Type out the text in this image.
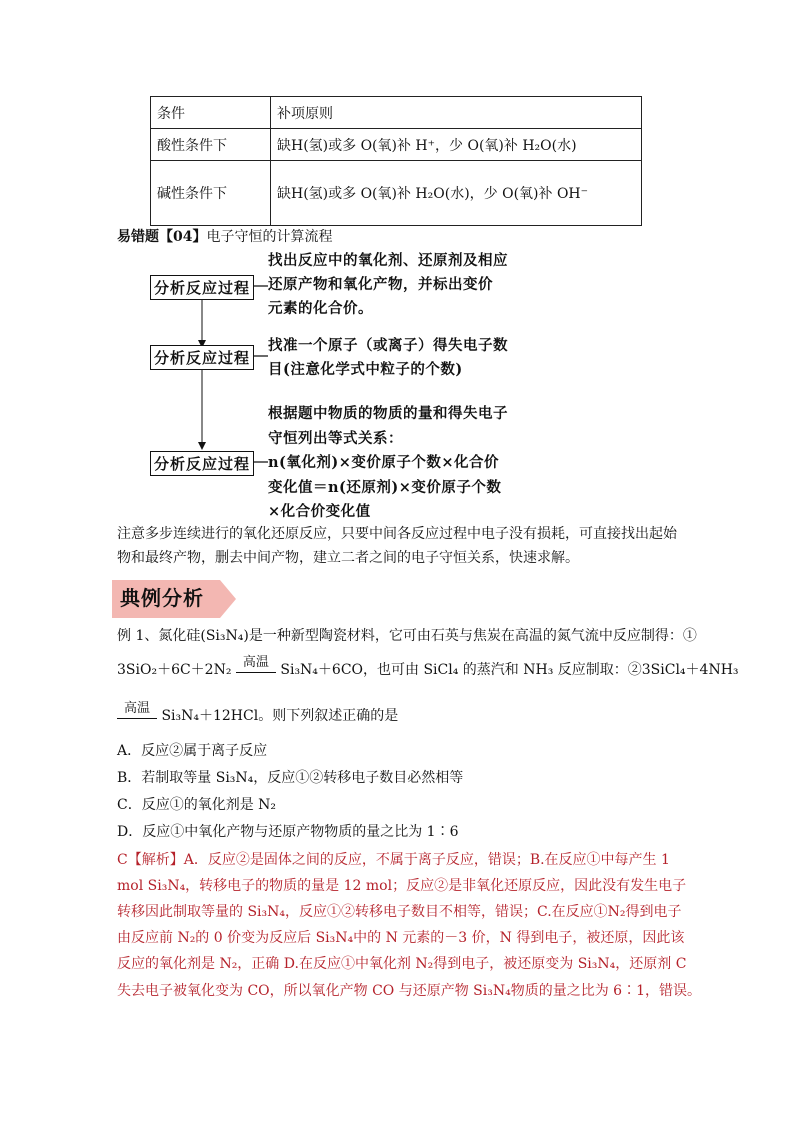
条件	补项原则
酸性条件下	缺H(氢)或多 O(氧)补 H⁺，少 O(氧)补 H₂O(水)
碱性条件下	缺H(氢)或多 O(氧)补 H₂O(水)，少 O(氧)补 OH⁻
易错题【04】电子守恒的计算流程
分析反应过程
找出反应中的氧化剂、还原剂及相应
还原产物和氧化产物，并标出变价
元素的化合价。
分析反应过程
找准一个原子（或离子）得失电子数
目(注意化学式中粒子的个数)
分析反应过程
根据题中物质的物质的量和得失电子
守恒列出等式关系：
n(氧化剂)×变价原子个数×化合价
变化值＝n(还原剂)×变价原子个数
×化合价变化值
注意多步连续进行的氧化还原反应，只要中间各反应过程中电子没有损耗，可直接找出起始
物和最终产物，删去中间产物，建立二者之间的电子守恒关系，快速求解。
典例分析
例 1、氮化硅(Si₃N₄)是一种新型陶瓷材料，它可由石英与焦炭在高温的氮气流中反应制得：①
3SiO₂＋6C＋2N₂ 高温 Si₃N₄＋6CO，也可由 SiCl₄ 的蒸汽和 NH₃ 反应制取：②3SiCl₄＋4NH₃
高温 Si₃N₄＋12HCl。则下列叙述正确的是
A．反应②属于离子反应
B．若制取等量 Si₃N₄，反应①②转移电子数目必然相等
C．反应①的氧化剂是 N₂
D．反应①中氧化产物与还原产物物质的量之比为 1∶6
C【解析】A．反应②是固体之间的反应，不属于离子反应，错误；B.在反应①中每产生 1
mol Si₃N₄，转移电子的物质的量是 12 mol；反应②是非氧化还原反应，因此没有发生电子
转移因此制取等量的 Si₃N₄，反应①②转移电子数目不相等，错误；C.在反应①N₂得到电子
由反应前 N₂的 0 价变为反应后 Si₃N₄中的 N 元素的－3 价，N 得到电子，被还原，因此该
反应的氧化剂是 N₂，正确 D.在反应①中氧化剂 N₂得到电子，被还原变为 Si₃N₄，还原剂 C
失去电子被氧化变为 CO，所以氧化产物 CO 与还原产物 Si₃N₄物质的量之比为 6∶1，错误。
